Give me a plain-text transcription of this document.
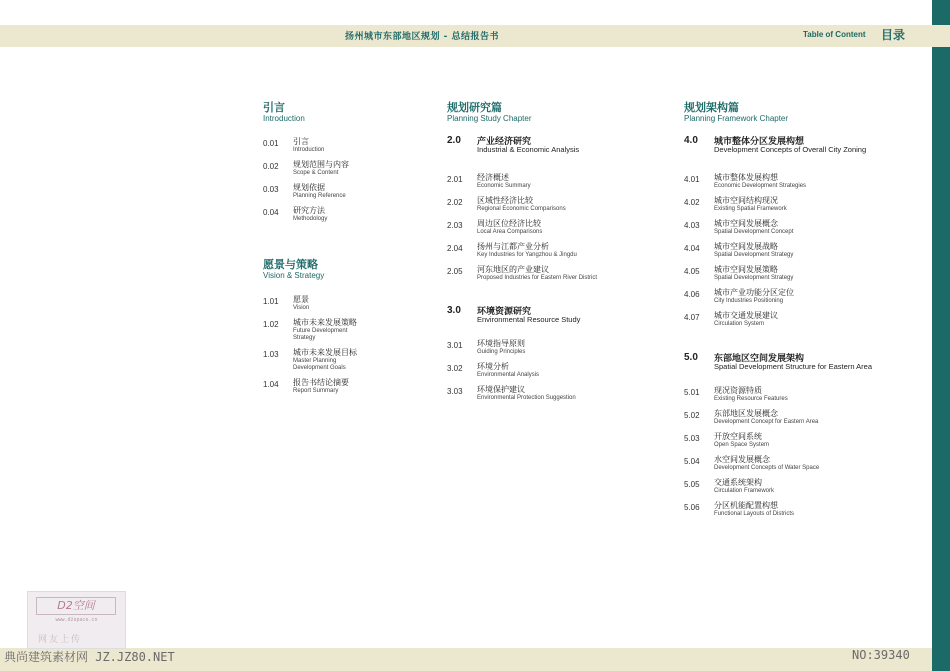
扬州城市东部地区规划 - 总结报告书	Table of Content 目录
引言
Introduction
0.01 引言
Introduction
0.02 规划范围与内容
Scope & Content
0.03 规划依据
Planning Reference
0.04 研究方法
Methodology
愿景与策略
Vision & Strategy
1.01 愿景
Vision
1.02 城市未来发展策略
Future Development Strategy
1.03 城市未来发展目标
Master Planning Development Goals
1.04 报告书结论摘要
Report Summary
规划研究篇
Planning Study Chapter
2.0 产业经济研究
Industrial & Economic Analysis
2.01 经济概述
Economic Summary
2.02 区域性经济比较
Regional Economic Comparisons
2.03 周边区位经济比较
Local Area Comparisons
2.04 扬州与江都产业分析
Key Industries for Yangzhou & Jingdu
2.05 河东地区的产业建议
Proposed Industries for Eastern River District
3.0 环境资源研究
Environmental Resource Study
3.01 环境指导原则
Guiding Principles
3.02 环境分析
Environmental Analysis
3.03 环境保护建议
Environmental Protection Suggestion
规划架构篇
Planning Framework Chapter
4.0 城市整体分区发展构想
Development Concepts of Overall City Zoning
4.01 城市整体发展构想
Economic Development Strategies
4.02 城市空间结构现况
Existing Spatial Framework
4.03 城市空间发展概念
Spatial Development Concept
4.04 城市空间发展战略
Spatial Development Strategy
4.05 城市空间发展策略
Spatial Development Strategy
4.06 城市产业功能分区定位
City Industries Positioning
4.07 城市交通发展建议
Circulation System
5.0 东部地区空间发展架构
Spatial Development Structure for Eastern Area
5.01 现况资源特质
Existing Resource Features
5.02 东部地区发展概念
Development Concept for Eastern Area
5.03 开放空间系统
Open Space System
5.04 水空间发展概念
Development Concepts of Water Space
5.05 交通系统架构
Circulation Framework
5.06 分区机能配置构想
Functional Layouts of Districts
D2空间
www.d2space.cn
网友上传
典尚建筑素材网 JZ.JZ80.NET	NO:39340
